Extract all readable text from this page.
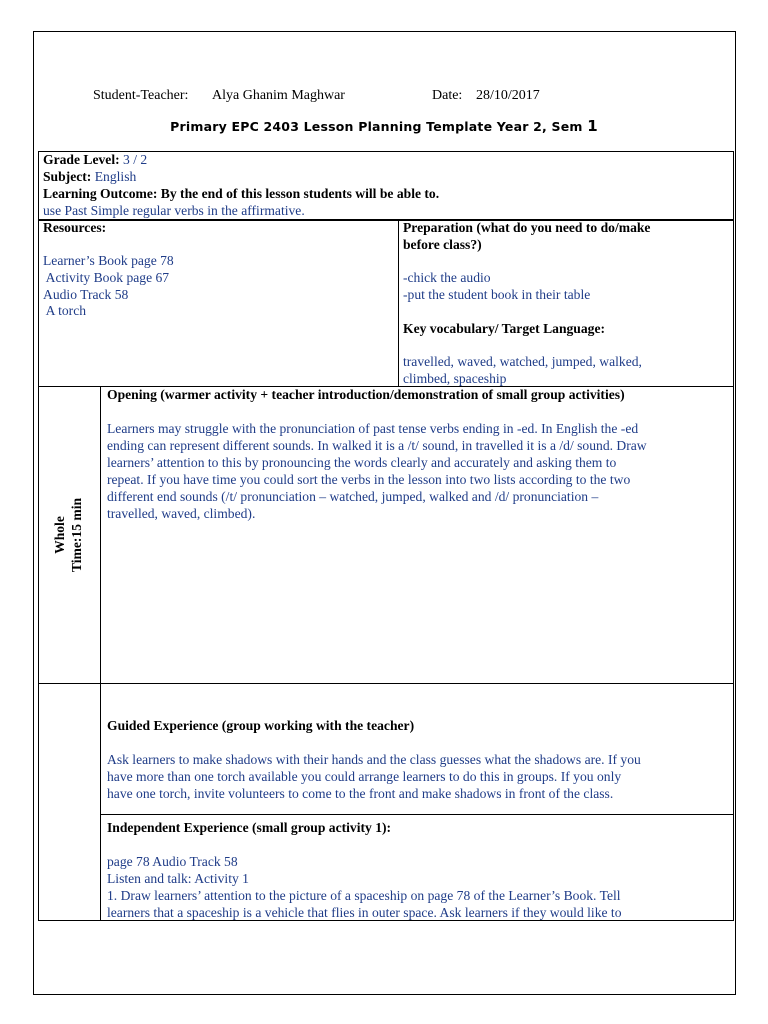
Student-Teacher: Alya Ghanim Maghwar	Date: 28/10/2017
Primary EPC 2403 Lesson Planning Template Year 2, Sem 1
Grade Level: 3 / 2
Subject: English
Learning Outcome: By the end of this lesson students will be able to.
use Past Simple regular verbs in the affirmative.
Resources:
Learner’s Book page 78
Activity Book page 67
Audio Track 58
A torch
Preparation (what do you need to do/make
before class?)
-chick the audio
-put the student book in their table
Key vocabulary/ Target Language:
travelled, waved, watched, jumped, walked,
climbed, spaceship
Whole Time:15 min
Opening (warmer activity + teacher introduction/demonstration of small group activities)
Learners may struggle with the pronunciation of past tense verbs ending in -ed. In English the -ed
ending can represent different sounds. In walked it is a /t/ sound, in travelled it is a /d/ sound. Draw
learners’ attention to this by pronouncing the words clearly and accurately and asking them to
repeat. If you have time you could sort the verbs in the lesson into two lists according to the two
different end sounds (/t/ pronunciation – watched, jumped, walked and /d/ pronunciation –
travelled, waved, climbed).
Guided Experience (group working with the teacher)
Ask learners to make shadows with their hands and the class guesses what the shadows are. If you
have more than one torch available you could arrange learners to do this in groups. If you only
have one torch, invite volunteers to come to the front and make shadows in front of the class.
Independent Experience (small group activity 1):
page 78 Audio Track 58
Listen and talk: Activity 1
1. Draw learners’ attention to the picture of a spaceship on page 78 of the Learner’s Book. Tell
learners that a spaceship is a vehicle that flies in outer space. Ask learners if they would like to
